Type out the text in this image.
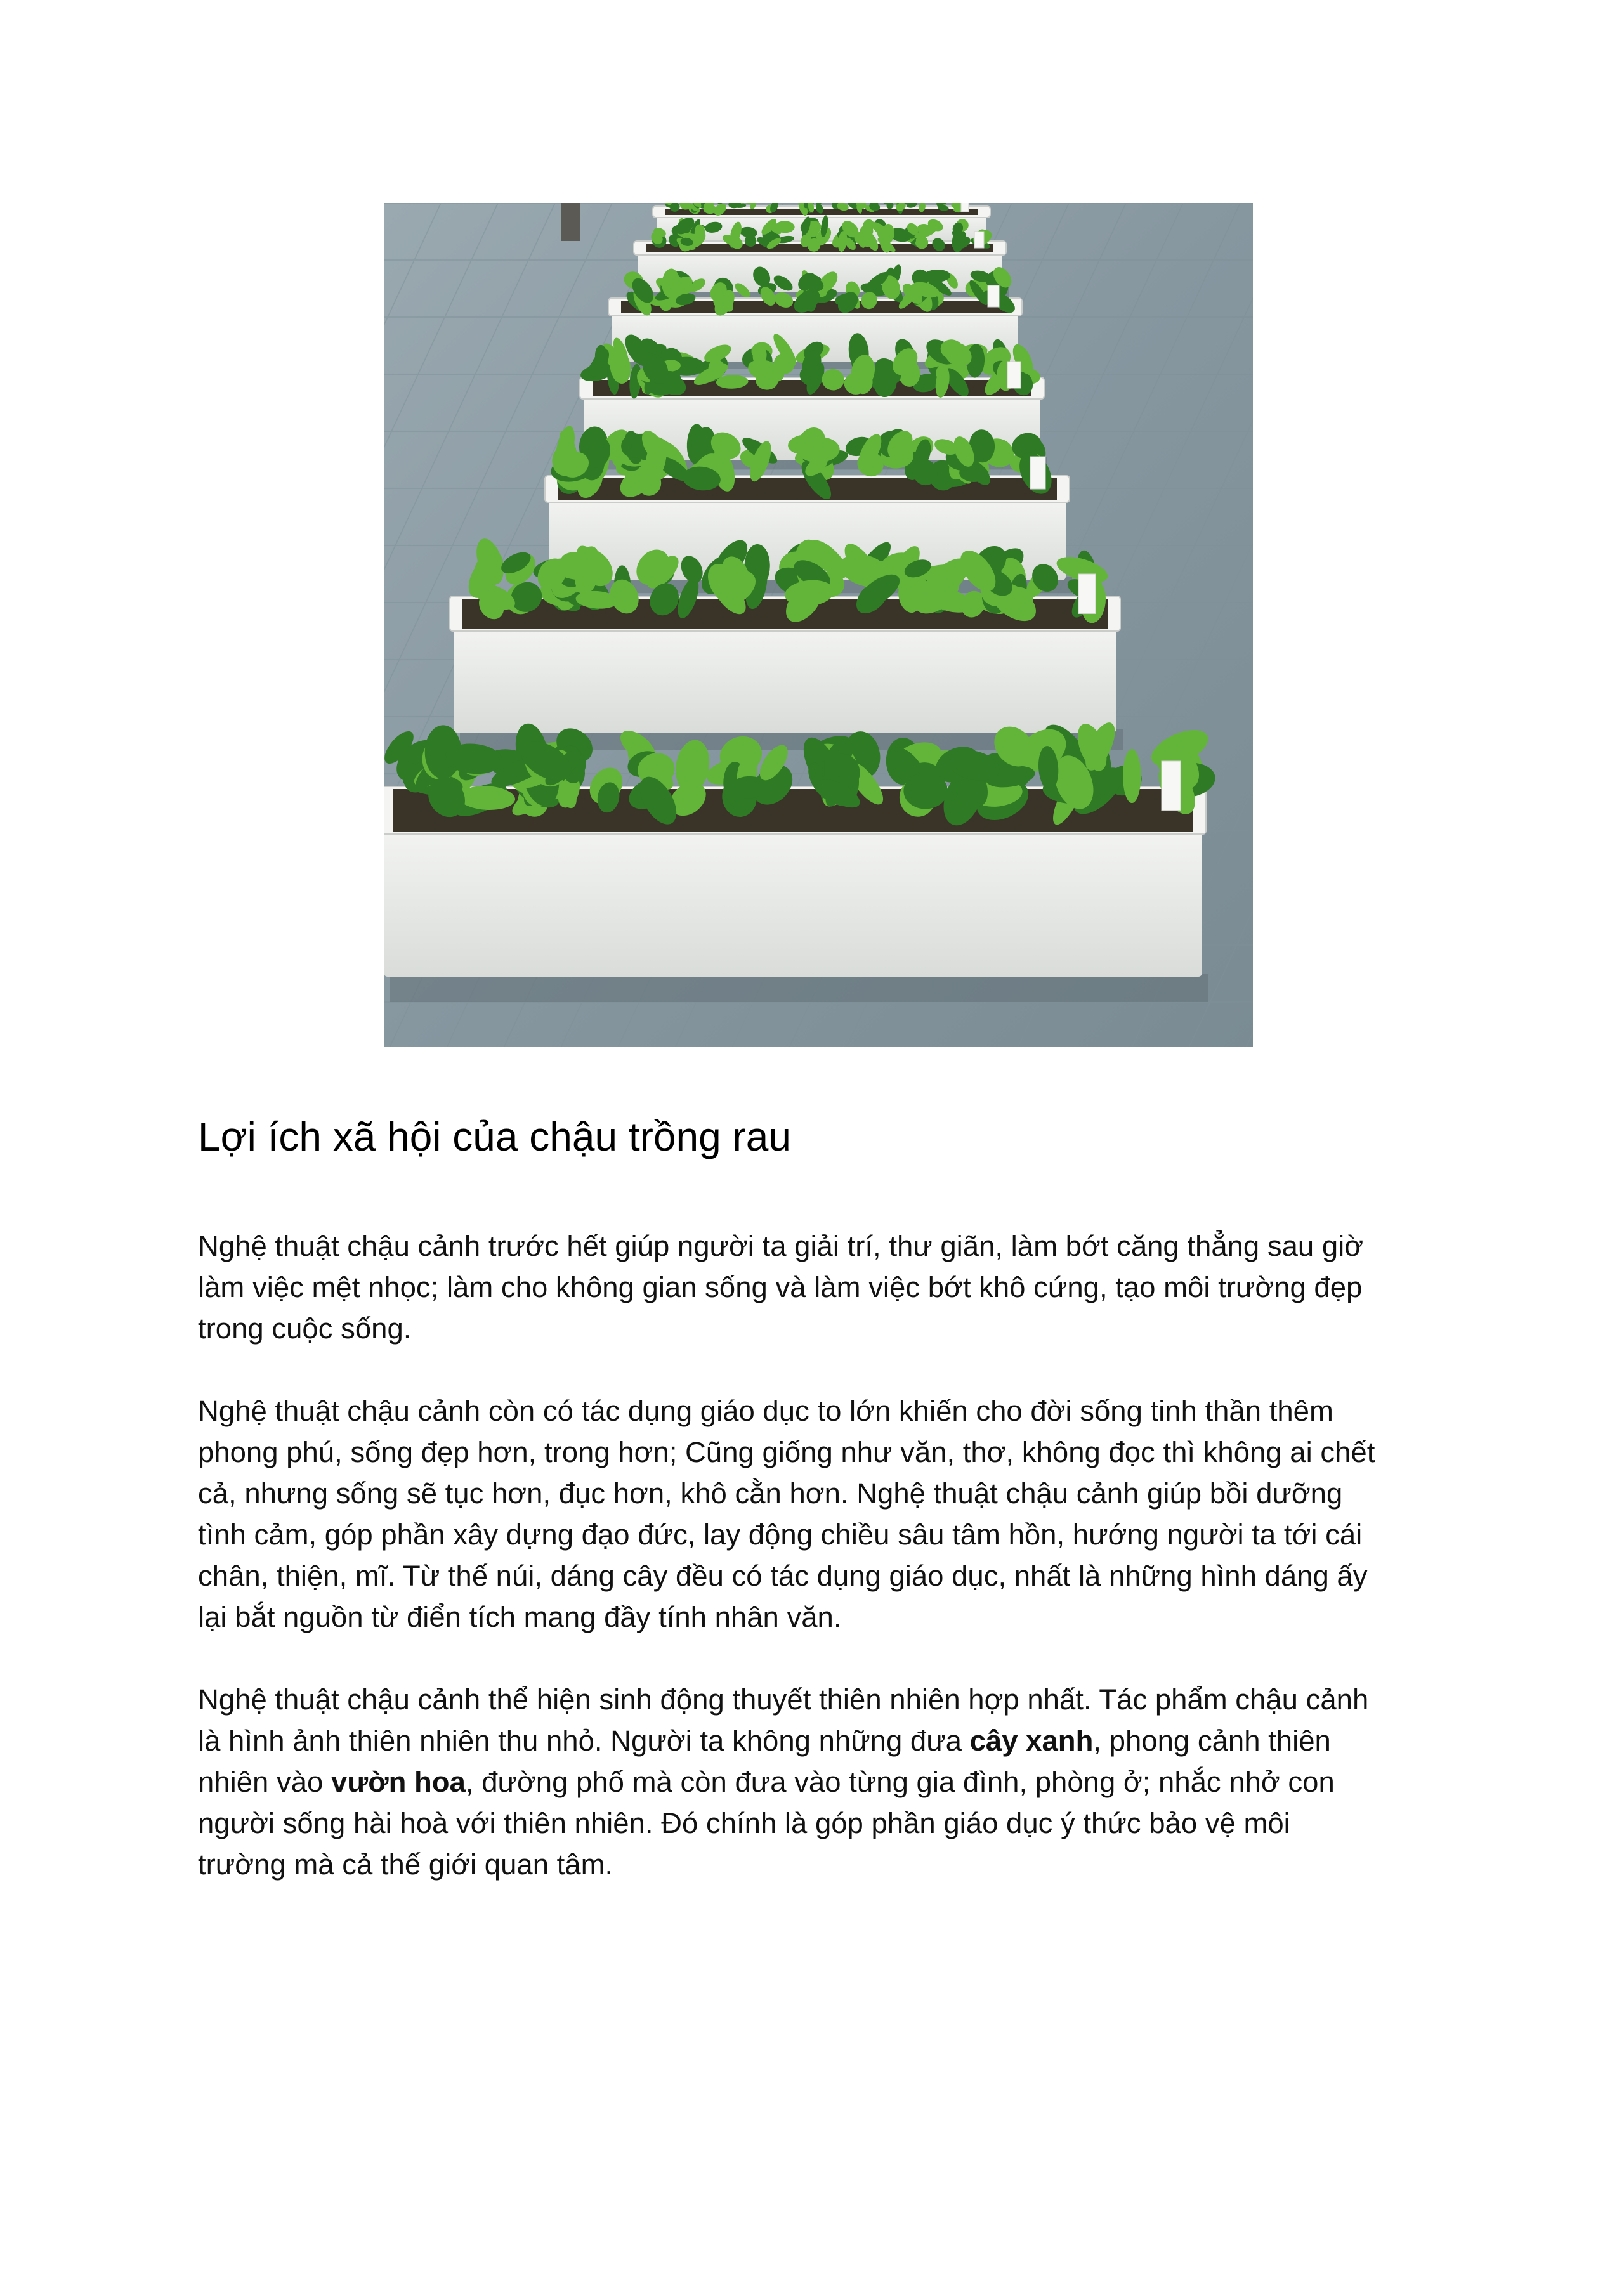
Lợi ích xã hội của chậu trồng rau

Nghệ thuật chậu cảnh trước hết giúp người ta giải trí, thư giãn, làm bớt căng thẳng sau giờ
làm việc mệt nhọc; làm cho không gian sống và làm việc bớt khô cứng, tạo môi trường đẹp
trong cuộc sống.

Nghệ thuật chậu cảnh còn có tác dụng giáo dục to lớn khiến cho đời sống tinh thần thêm
phong phú, sống đẹp hơn, trong hơn; Cũng giống như văn, thơ, không đọc thì không ai chết
cả, nhưng sống sẽ tục hơn, đục hơn, khô cằn hơn. Nghệ thuật chậu cảnh giúp bồi dưỡng
tình cảm, góp phần xây dựng đạo đức, lay động chiều sâu tâm hồn, hướng người ta tới cái
chân, thiện, mĩ. Từ thế núi, dáng cây đều có tác dụng giáo dục, nhất là những hình dáng ấy
lại bắt nguồn từ điển tích mang đầy tính nhân văn.

Nghệ thuật chậu cảnh thể hiện sinh động thuyết thiên nhiên hợp nhất. Tác phẩm chậu cảnh
là hình ảnh thiên nhiên thu nhỏ. Người ta không những đưa cây xanh, phong cảnh thiên
nhiên vào vườn hoa, đường phố mà còn đưa vào từng gia đình, phòng ở; nhắc nhở con
người sống hài hoà với thiên nhiên. Đó chính là góp phần giáo dục ý thức bảo vệ môi
trường mà cả thế giới quan tâm.
